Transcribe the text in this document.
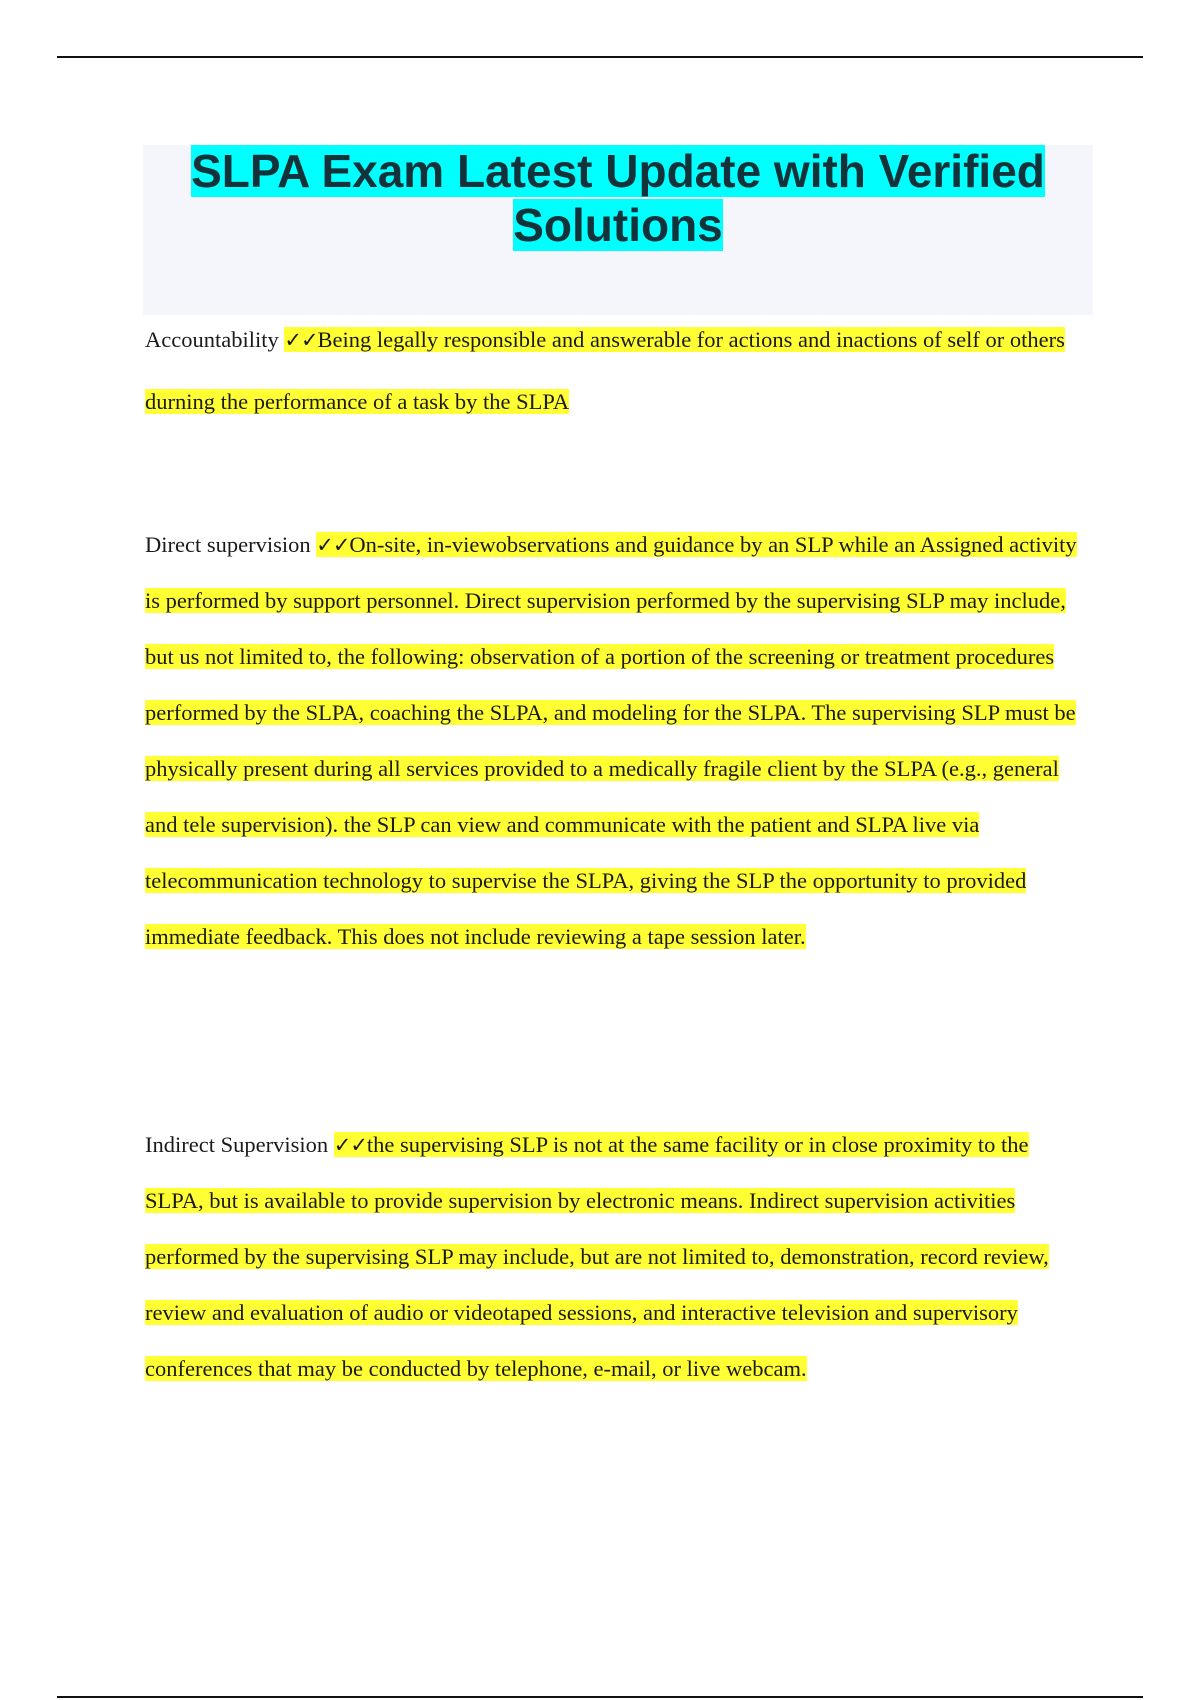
SLPA Exam Latest Update with Verified Solutions

Accountability ✓✓Being legally responsible and answerable for actions and inactions of self or others durning the performance of a task by the SLPA

Direct supervision ✓✓On-site, in-viewobservations and guidance by an SLP while an Assigned activity is performed by support personnel. Direct supervision performed by the supervising SLP may include, but us not limited to, the following: observation of a portion of the screening or treatment procedures performed by the SLPA, coaching the SLPA, and modeling for the SLPA. The supervising SLP must be physically present during all services provided to a medically fragile client by the SLPA (e.g., general and tele supervision). the SLP can view and communicate with the patient and SLPA live via telecommunication technology to supervise the SLPA, giving the SLP the opportunity to provided immediate feedback. This does not include reviewing a tape session later.

Indirect Supervision ✓✓the supervising SLP is not at the same facility or in close proximity to the SLPA, but is available to provide supervision by electronic means. Indirect supervision activities performed by the supervising SLP may include, but are not limited to, demonstration, record review, review and evaluation of audio or videotaped sessions, and interactive television and supervisory conferences that may be conducted by telephone, e-mail, or live webcam.
